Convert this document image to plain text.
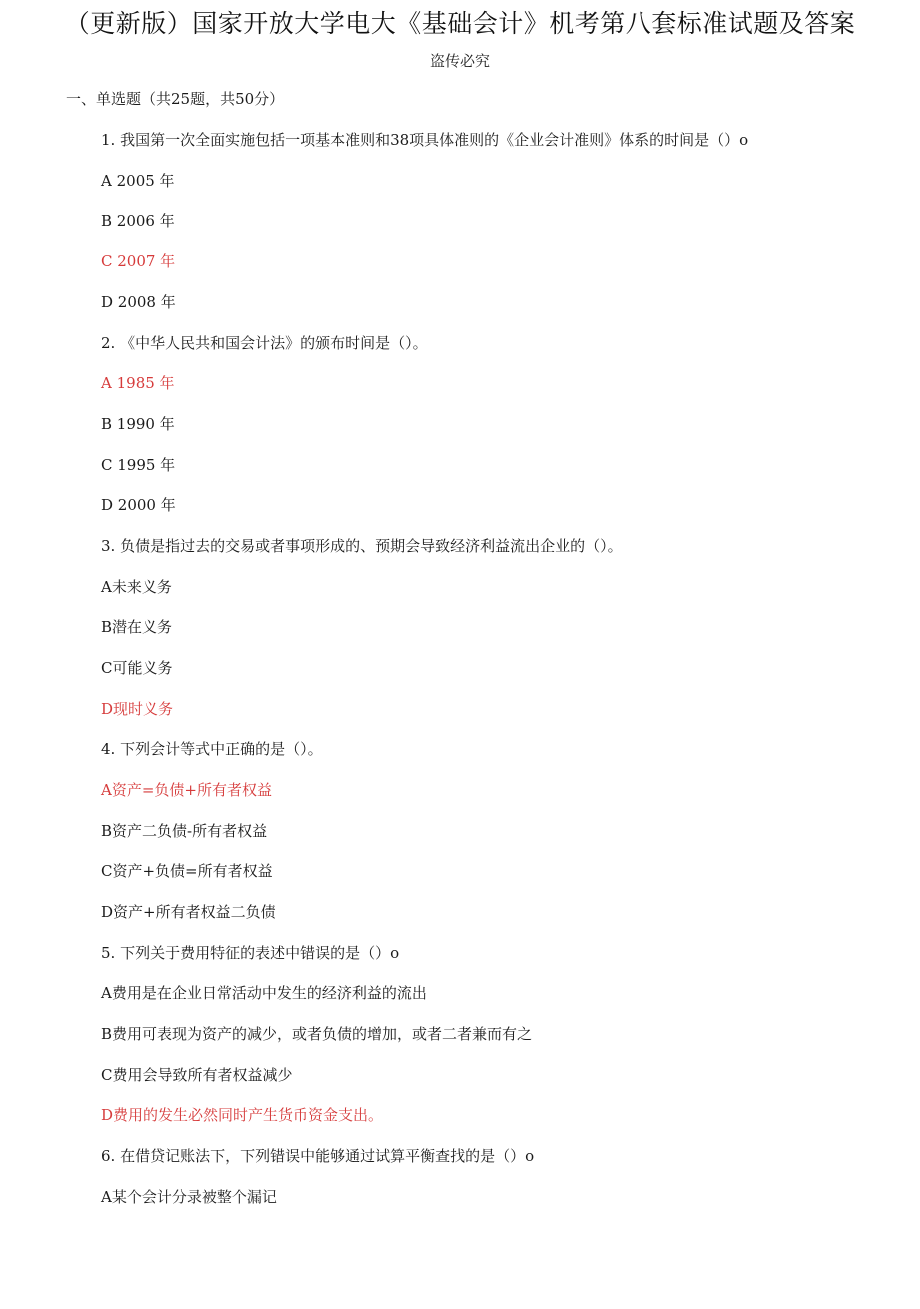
（更新版）国家开放大学电大《基础会计》机考第八套标准试题及答案
盗传必究
一、单选题（共25题，共50分）
1. 我国第一次全面实施包括一项基本准则和38项具体准则的《企业会计准则》体系的时间是（）o
A 2005 年
B 2006 年
C 2007 年
D 2008 年
2. 《中华人民共和国会计法》的颁布时间是（）。
A 1985 年
B 1990 年
C 1995 年
D 2000 年
3. 负债是指过去的交易或者事项形成的、预期会导致经济利益流出企业的（）。
A未来义务
B潜在义务
C可能义务
D现时义务
4. 下列会计等式中正确的是（）。
A资产=负债+所有者权益
B资产二负债-所有者权益
C资产+负债=所有者权益
D资产+所有者权益二负债
5. 下列关于费用特征的表述中错误的是（）o
A费用是在企业日常活动中发生的经济利益的流出
B费用可表现为资产的减少，或者负债的增加，或者二者兼而有之
C费用会导致所有者权益减少
D费用的发生必然同时产生货币资金支出。
6. 在借贷记账法下，下列错误中能够通过试算平衡查找的是（）o
A某个会计分录被整个漏记
